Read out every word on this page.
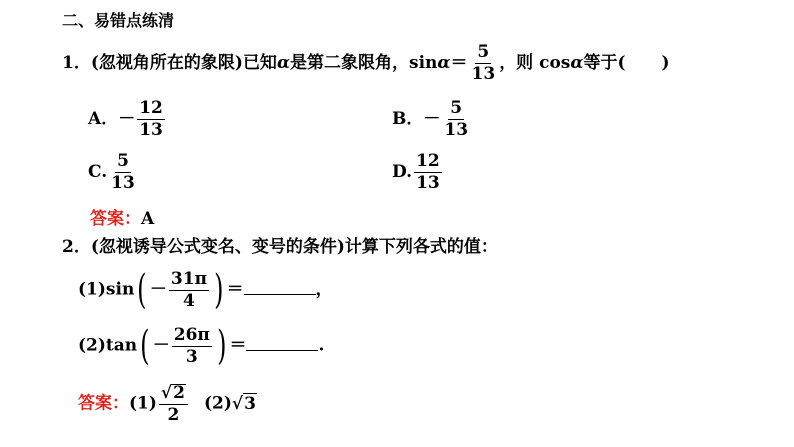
二、易错点练清
1．(忽视角所在的象限)已知α是第二象限角，$\sin\alpha= \frac{5}{13}$ ，则 cosα等于( )
A．－ $\frac{12}{13}$	B．－ $\frac{5}{13}$
C. $\frac{5}{13}$	D. $\frac{12}{13}$
答案：A
2．(忽视诱导公式变名、变号的条件)计算下列各式的值：
$(1)\sin( - \frac{31\pi}{4}$ ) ＝	，
$(2)\tan( - \frac{26\pi}{3}$ ) ＝	.
答案：$(1) \frac{√ 2}{2} (2)√$ 3
